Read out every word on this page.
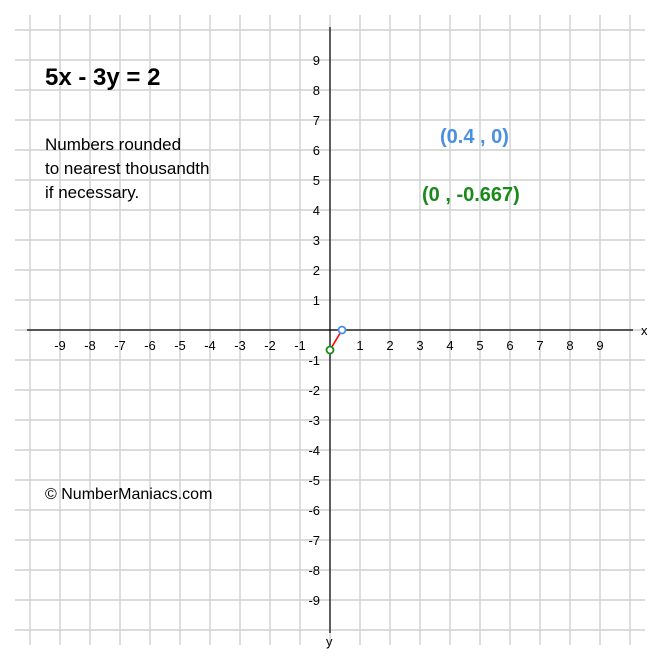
x
y
-9 -8 -7 -6 -5 -4 -3 -2 -1	1 2 3 4 5 6 7 8 9
9
8
7
6
5
4
3
2
1
-1
-2
-3
-4
-5
-6
-7
-8
-9
5x - 3y = 2
Numbers rounded
to nearest thousandth
if necessary.
(0.4 , 0)
(0 , -0.667)
© NumberManiacs.com
